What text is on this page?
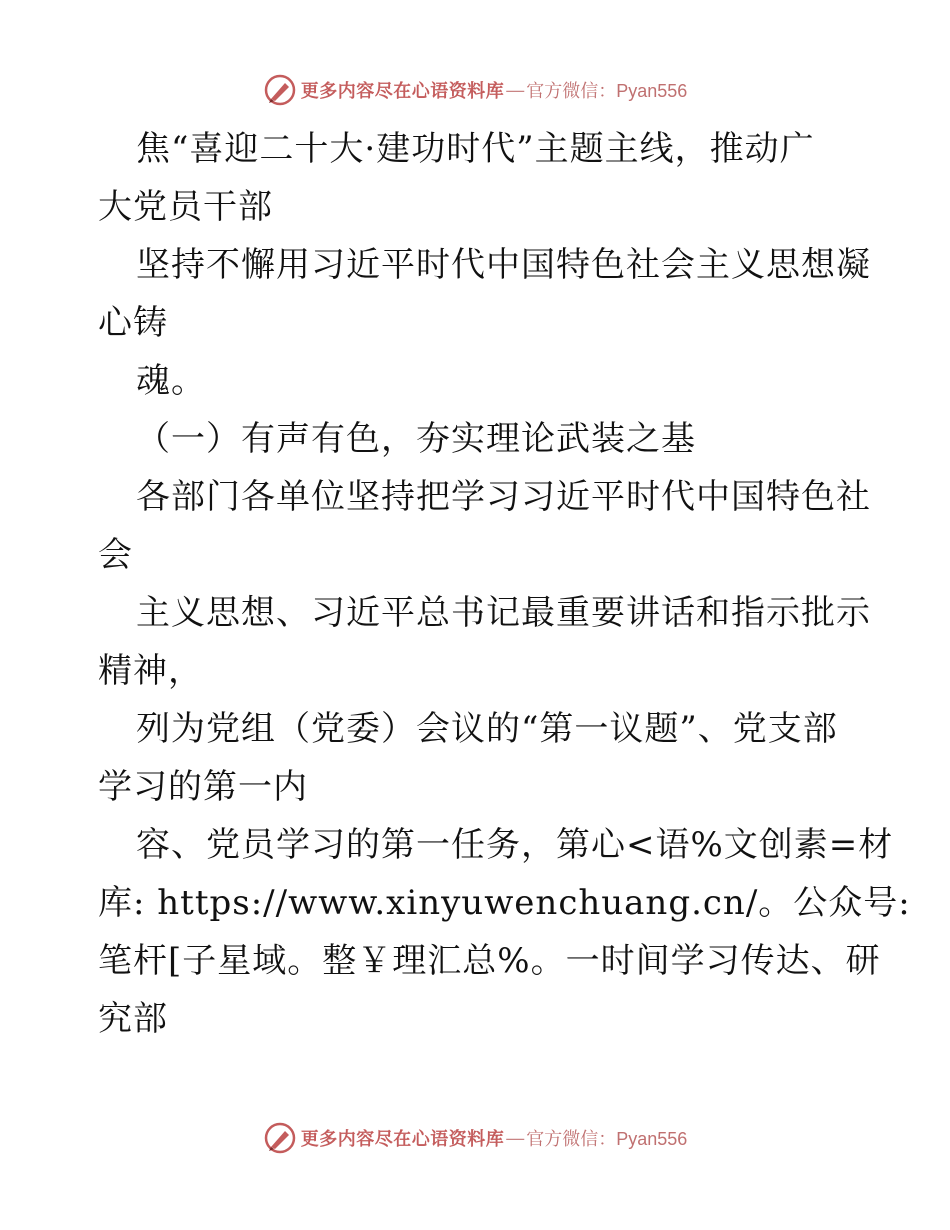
更多内容尽在心语资料库 — 官方微信：Pyan556
焦“喜迎二十大·建功时代”主题主线，推动广
大党员干部
坚持不懈用习近平时代中国特色社会主义思想凝
心铸
魂。
（一）有声有色，夯实理论武装之基
各部门各单位坚持把学习习近平时代中国特色社
会
主义思想、习近平总书记最重要讲话和指示批示
精神，
列为党组（党委）会议的“第一议题”、党支部
学习的第一内
容、党员学习的第一任务，第心<语%文创素=材
库: https://www.xinyuwenchuang.cn/。公众号:
笔杆[子星域。整￥理汇总%。一时间学习传达、研
究部
更多内容尽在心语资料库 — 官方微信：Pyan556
